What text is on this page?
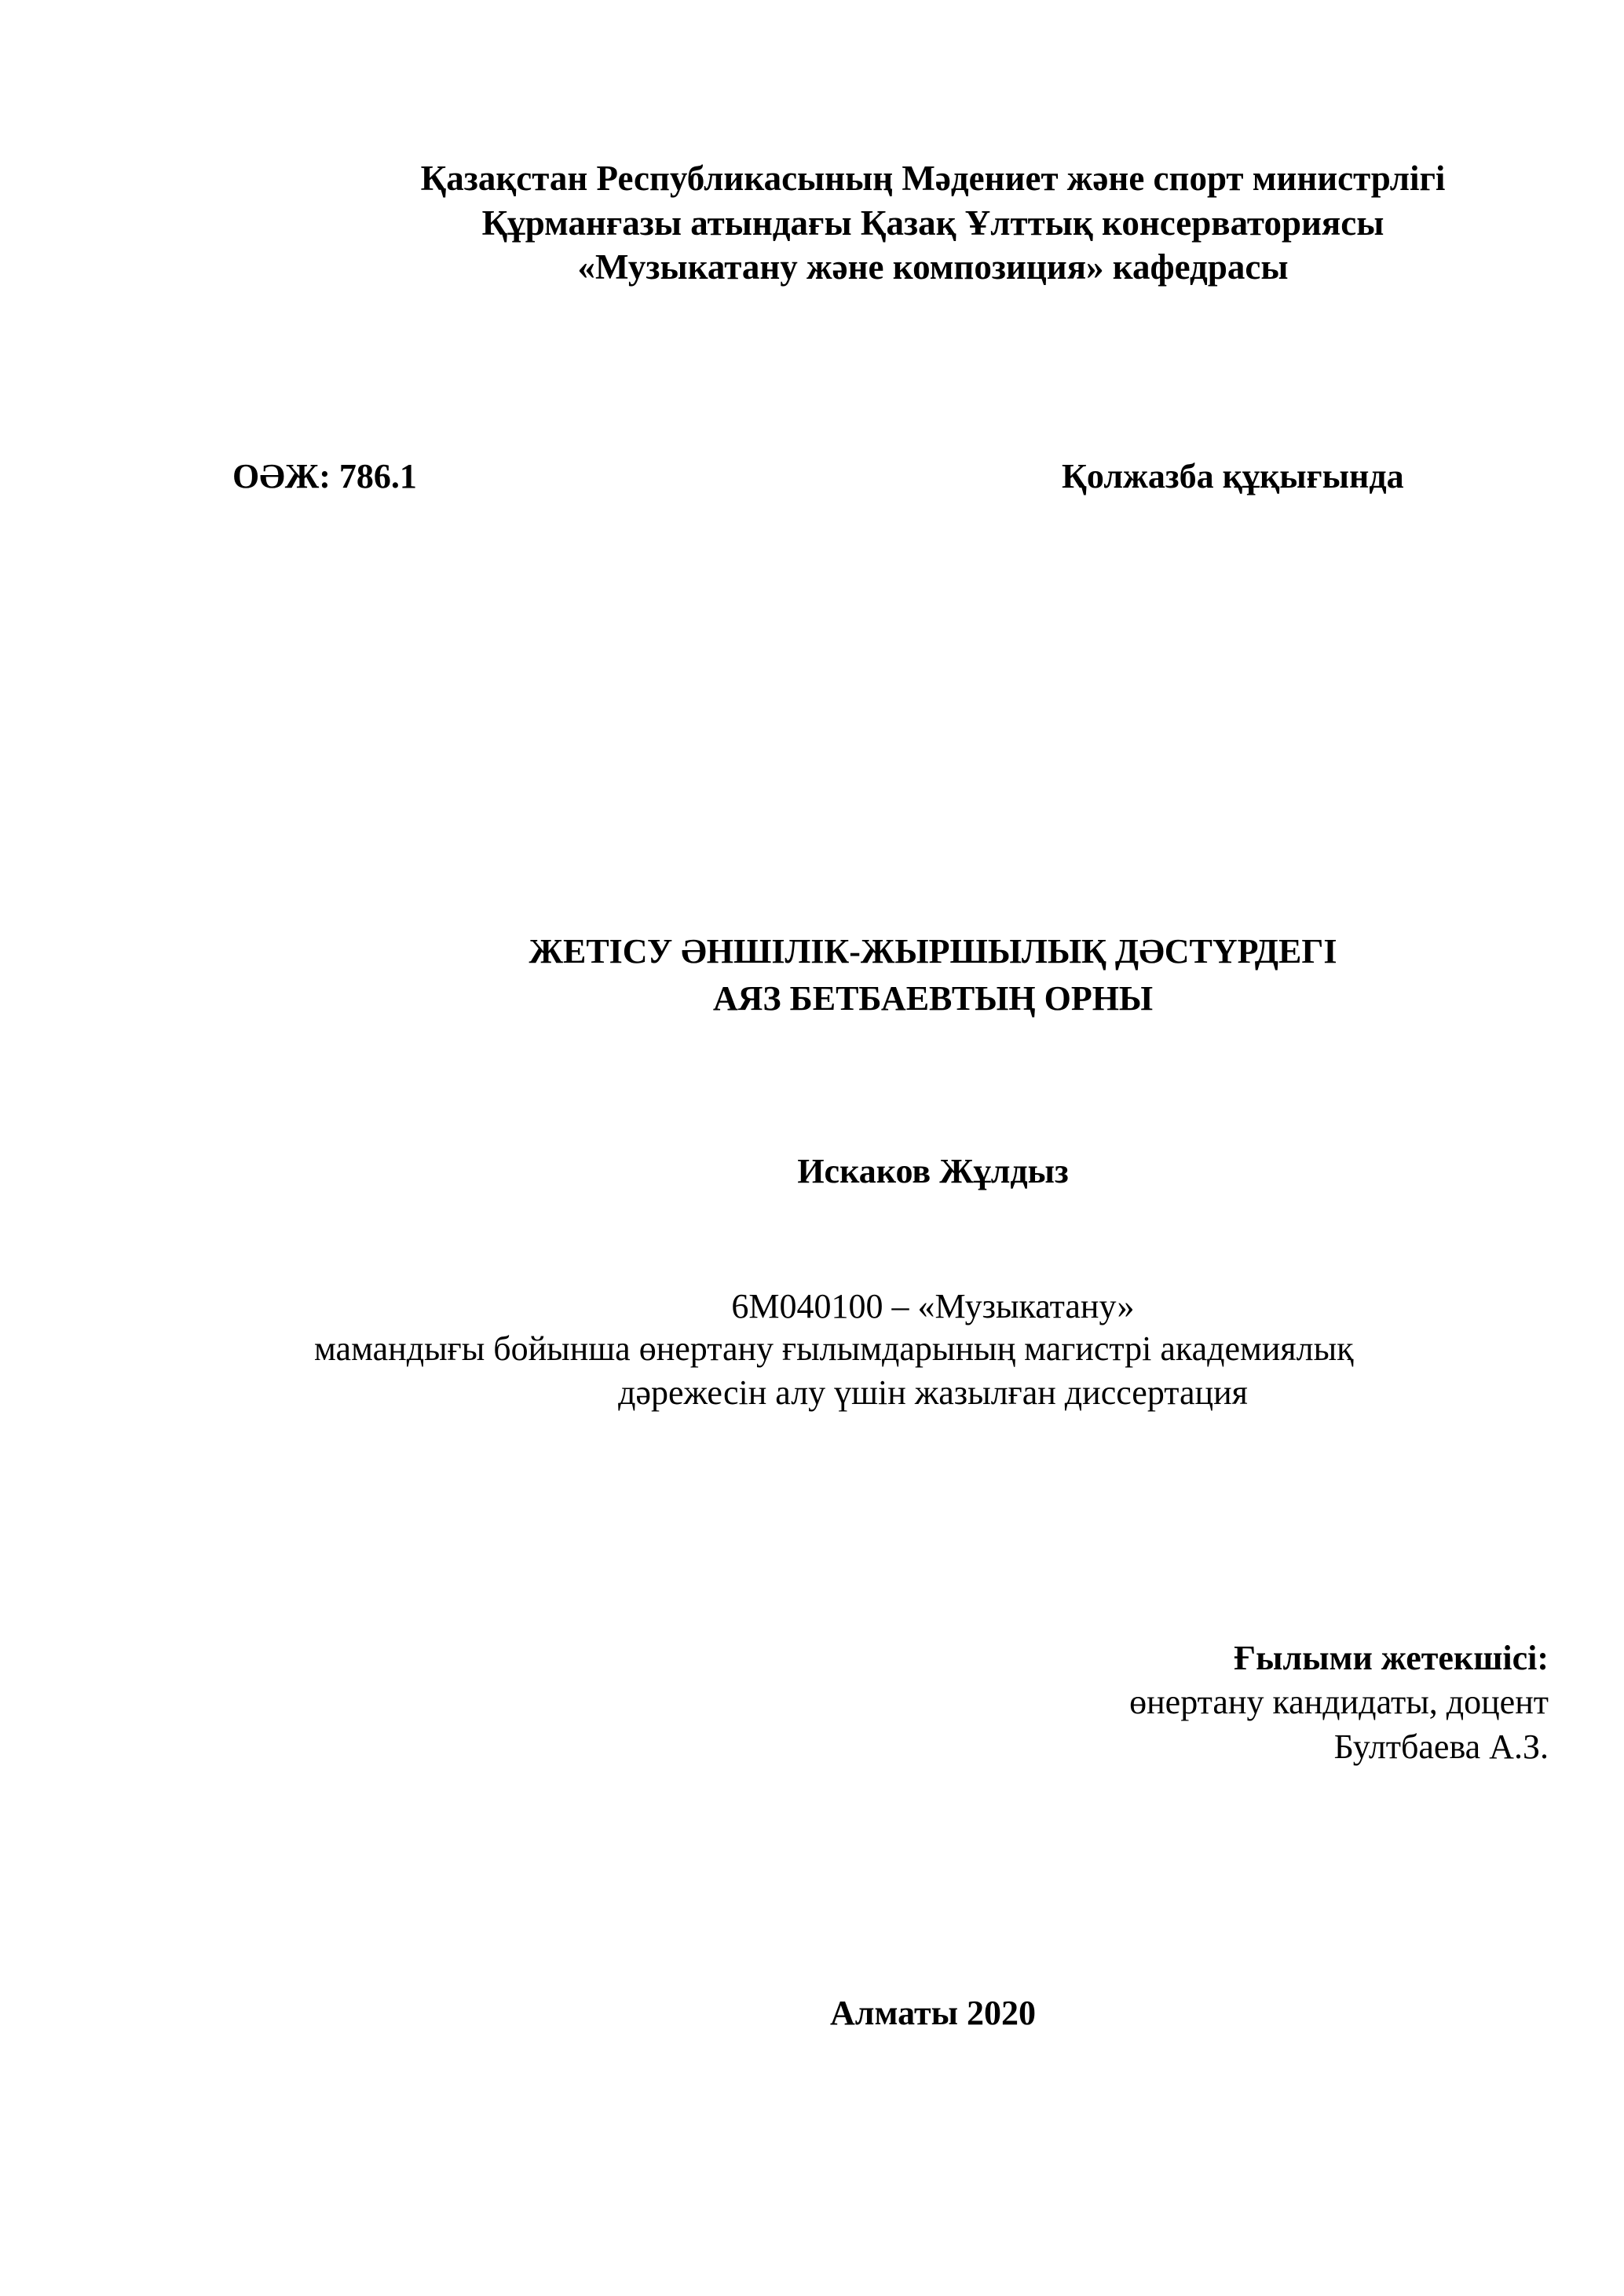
Қазақстан Республикасының Мәдениет және спорт министрлігі
Құрманғазы атындағы Қазақ Ұлттық консерваториясы
«Музыкатану және композиция» кафедрасы
ОӘЖ: 786.1	Қолжазба құқығында
ЖЕТІСУ ӘНШІЛІК-ЖЫРШЫЛЫҚ ДӘСТҮРДЕГІ
АЯЗ БЕТБАЕВТЫҢ ОРНЫ
Искаков Жұлдыз
6М040100 – «Музыкатану»
мамандығы бойынша өнертану ғылымдарының магистрі академиялық
дәрежесін алу үшін жазылған диссертация
Ғылыми жетекшісі:
өнертану кандидаты, доцент
Бултбаева А.З.
Алматы 2020
